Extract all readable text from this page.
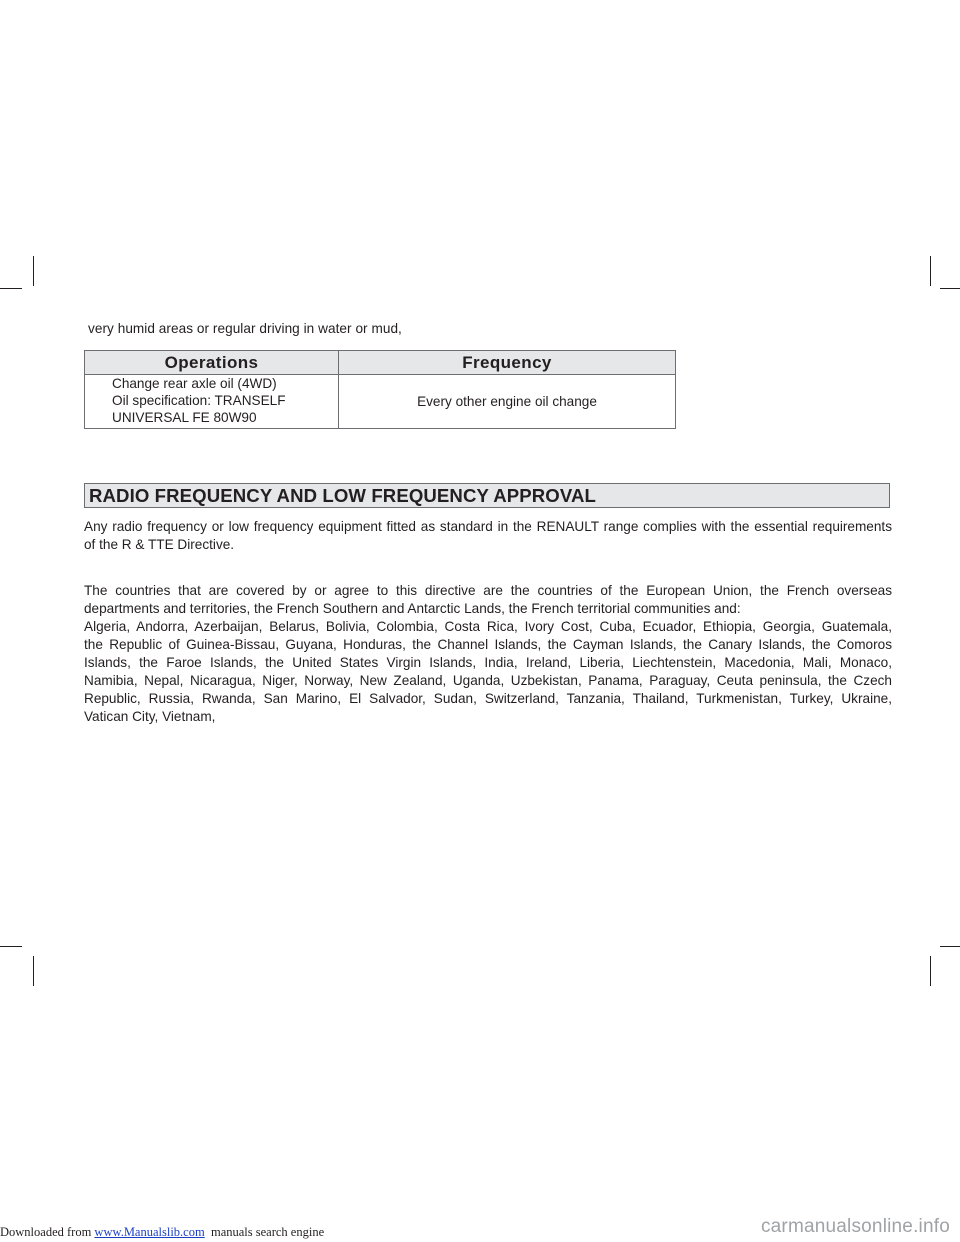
very humid areas or regular driving in water or mud,
Operations	Frequency

Change rear axle oil (4WD)
Oil specification: TRANSELF
UNIVERSAL FE 80W90	Every other engine oil change
RADIO FREQUENCY AND LOW FREQUENCY APPROVAL
Any radio frequency or low frequency equipment fitted as standard in the RENAULT range complies with the essential requirements
of the R & TTE Directive.
The countries that are covered by or agree to this directive are the countries of the European Union, the French overseas
departments and territories, the French Southern and Antarctic Lands, the French territorial communities and:
Algeria, Andorra, Azerbaijan, Belarus, Bolivia, Colombia, Costa Rica, Ivory Cost, Cuba, Ecuador, Ethiopia, Georgia, Guatemala,
the Republic of Guinea-Bissau, Guyana, Honduras, the Channel Islands, the Cayman Islands, the Canary Islands, the Comoros
Islands, the Faroe Islands, the United States Virgin Islands, India, Ireland, Liberia, Liechtenstein, Macedonia, Mali, Monaco,
Namibia, Nepal, Nicaragua, Niger, Norway, New Zealand, Uganda, Uzbekistan, Panama, Paraguay, Ceuta peninsula, the Czech
Republic, Russia, Rwanda, San Marino, El Salvador, Sudan, Switzerland, Tanzania, Thailand, Turkmenistan, Turkey, Ukraine,
Vatican City, Vietnam,
Downloaded from www.Manualslib.com  manuals search engine	carmanualsonline.info
